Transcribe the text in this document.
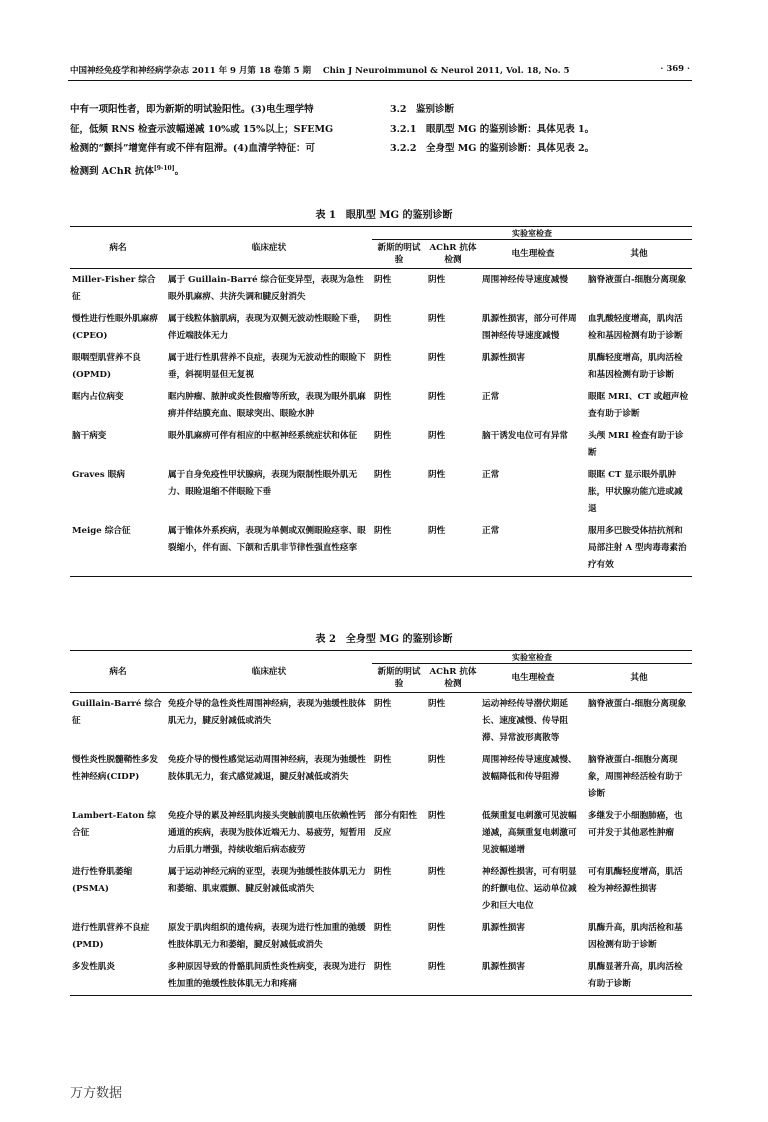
中国神经免疫学和神经病学杂志 2011 年 9 月第 18 卷第 5 期 Chin J Neuroimmunol & Neurol 2011, Vol. 18, No. 5	· 369 ·
中有一项阳性者，即为新斯的明试验阳性。(3)电生理学特
征，低频 RNS 检查示波幅递减 10%或 15%以上；SFEMG
检测的“颤抖”增宽伴有或不伴有阻滞。(4)血清学特征：可
检测到 AChR 抗体[9-10]。
3.2　鉴别诊断
3.2.1　眼肌型 MG 的鉴别诊断：具体见表 1。
3.2.2　全身型 MG 的鉴别诊断：具体见表 2。
表 1　眼肌型 MG 的鉴别诊断
病名	临床症状	实验室检查			
		新斯的明试验	AChR 抗体检测	电生理检查	其他
Miller-Fisher 综合征	属于 Guillain-Barré 综合征变异型，表现为急性眼外肌麻痹、共济失调和腱反射消失	阴性	阴性	周围神经传导速度减慢	脑脊液蛋白-细胞分离现象
慢性进行性眼外肌麻痹(CPEO)	属于线粒体脑肌病，表现为双侧无波动性眼睑下垂，伴近端肢体无力	阴性	阴性	肌源性损害，部分可伴周围神经传导速度减慢	血乳酸轻度增高，肌肉活检和基因检测有助于诊断
眼咽型肌营养不良(OPMD)	属于进行性肌营养不良症，表现为无波动性的眼睑下垂，斜视明显但无复视	阴性	阴性	肌源性损害	肌酶轻度增高，肌肉活检和基因检测有助于诊断
眶内占位病变	眶内肿瘤、脓肿或炎性假瘤等所致，表现为眼外肌麻痹并伴结膜充血、眼球突出、眼睑水肿	阴性	阴性	正常	眼眶 MRI、CT 或超声检查有助于诊断
脑干病变	眼外肌麻痹可伴有相应的中枢神经系统症状和体征	阴性	阴性	脑干诱发电位可有异常	头颅 MRI 检查有助于诊断
Graves 眼病	属于自身免疫性甲状腺病，表现为限制性眼外肌无力、眼睑退缩不伴眼睑下垂	阴性	阴性	正常	眼眶 CT 显示眼外肌肿胀，甲状腺功能亢进或减退
Meige 综合征	属于锥体外系疾病，表现为单侧或双侧眼睑痉挛、眼裂缩小，伴有面、下颌和舌肌非节律性强直性痉挛	阴性	阴性	正常	服用多巴胺受体拮抗剂和局部注射 A 型肉毒毒素治疗有效
表 2　全身型 MG 的鉴别诊断
病名	临床症状	实验室检查			
		新斯的明试验	AChR 抗体检测	电生理检查	其他
Guillain-Barré 综合征	免疫介导的急性炎性周围神经病，表现为弛缓性肢体肌无力，腱反射减低或消失	阴性	阴性	运动神经传导潜伏期延长、速度减慢、传导阻滞、异常波形离散等	脑脊液蛋白-细胞分离现象
慢性炎性脱髓鞘性多发性神经病(CIDP)	免疫介导的慢性感觉运动周围神经病，表现为弛缓性肢体肌无力，套式感觉减退，腱反射减低或消失	阴性	阴性	周围神经传导速度减慢、波幅降低和传导阻滞	脑脊液蛋白-细胞分离现象，周围神经活检有助于诊断
Lambert-Eaton 综合征	免疫介导的累及神经肌肉接头突触前膜电压依赖性钙通道的疾病，表现为肢体近端无力、易疲劳，短暂用力后肌力增强，持续收缩后病态疲劳	部分有阳性反应	阴性	低频重复电刺激可见波幅递减，高频重复电刺激可见波幅递增	多继发于小细胞肺癌，也可并发于其他恶性肿瘤
进行性脊肌萎缩(PSMA)	属于运动神经元病的亚型，表现为弛缓性肢体肌无力和萎缩、肌束震颤、腱反射减低或消失	阴性	阴性	神经源性损害，可有明显的纤颤电位、运动单位减少和巨大电位	可有肌酶轻度增高，肌活检为神经源性损害
进行性肌营养不良症(PMD)	原发于肌肉组织的遗传病，表现为进行性加重的弛缓性肢体肌无力和萎缩，腱反射减低或消失	阴性	阴性	肌源性损害	肌酶升高，肌肉活检和基因检测有助于诊断
多发性肌炎	多种原因导致的骨骼肌间质性炎性病变，表现为进行性加重的弛缓性肢体肌无力和疼痛	阴性	阴性	肌源性损害	肌酶显著升高，肌肉活检有助于诊断
万方数据
